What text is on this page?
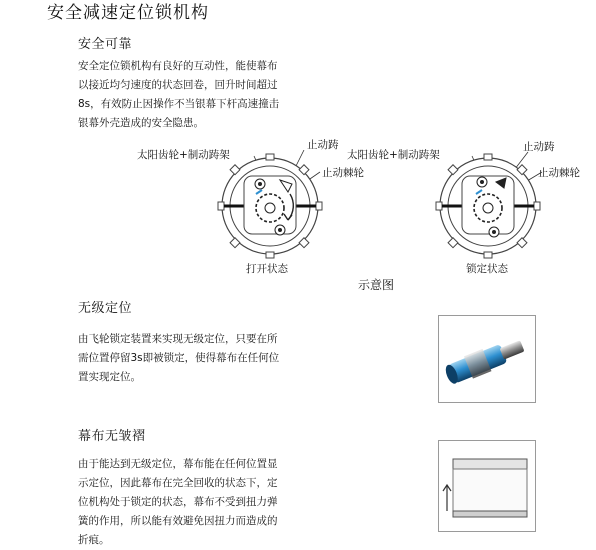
安全减速定位锁机构
安全可靠
安全定位锁机构有良好的互动性，能使幕布
以接近均匀速度的状态回卷，回升时间超过
8s，有效防止因操作不当银幕下杆高速撞击
银幕外壳造成的安全隐患。
太阳齿轮+制动踌架
止动踌
止动棘轮
打开状态
太阳齿轮+制动踌架
止动踌
止动棘轮
锁定状态
示意图
无级定位
由飞轮锁定装置来实现无级定位，只要在所
需位置停留3s即被锁定，使得幕布在任何位
置实现定位。
幕布无皱褶
由于能达到无级定位，幕布能在任何位置显
示定位，因此幕布在完全回收的状态下，定
位机构处于锁定的状态，幕布不受到扭力弹
簧的作用，所以能有效避免因扭力而造成的
折痕。
